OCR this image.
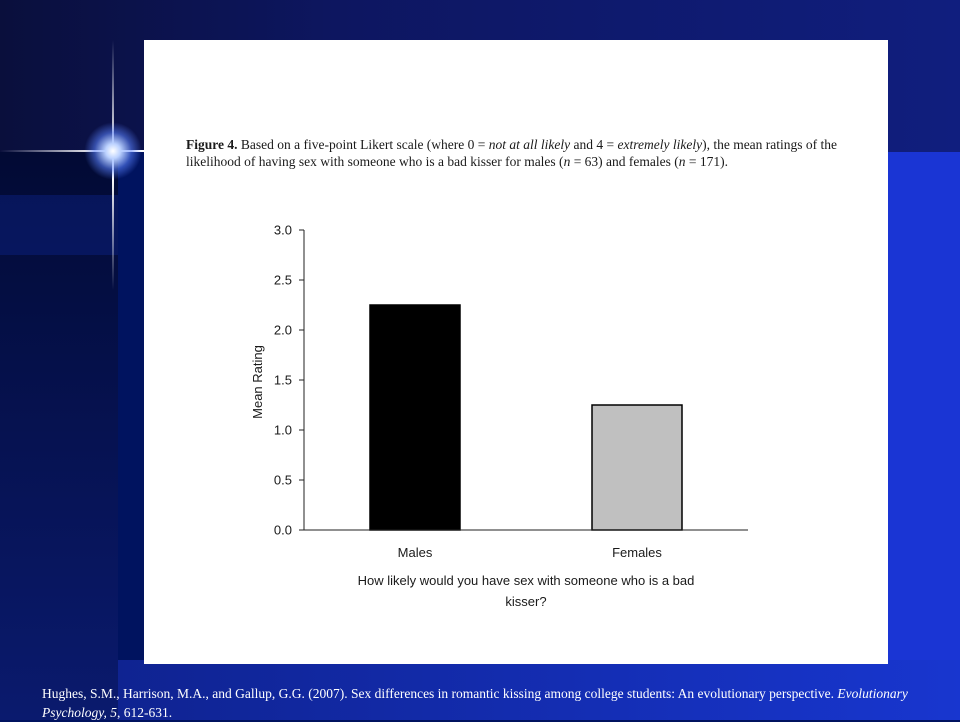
Figure 4. Based on a five-point Likert scale (where 0 = not at all likely and 4 = extremely likely), the mean ratings of the likelihood of having sex with someone who is a bad kisser for males (n = 63) and females (n = 171).

0.0
0.5
1.0
1.5
2.0
2.5
3.0
Males	Females
Mean Rating
How likely would you have sex with someone who is a bad
kisser?

Hughes, S.M., Harrison, M.A., and Gallup, G.G. (2007). Sex differences in romantic kissing among college students: An evolutionary perspective. Evolutionary Psychology, 5, 612-631.
